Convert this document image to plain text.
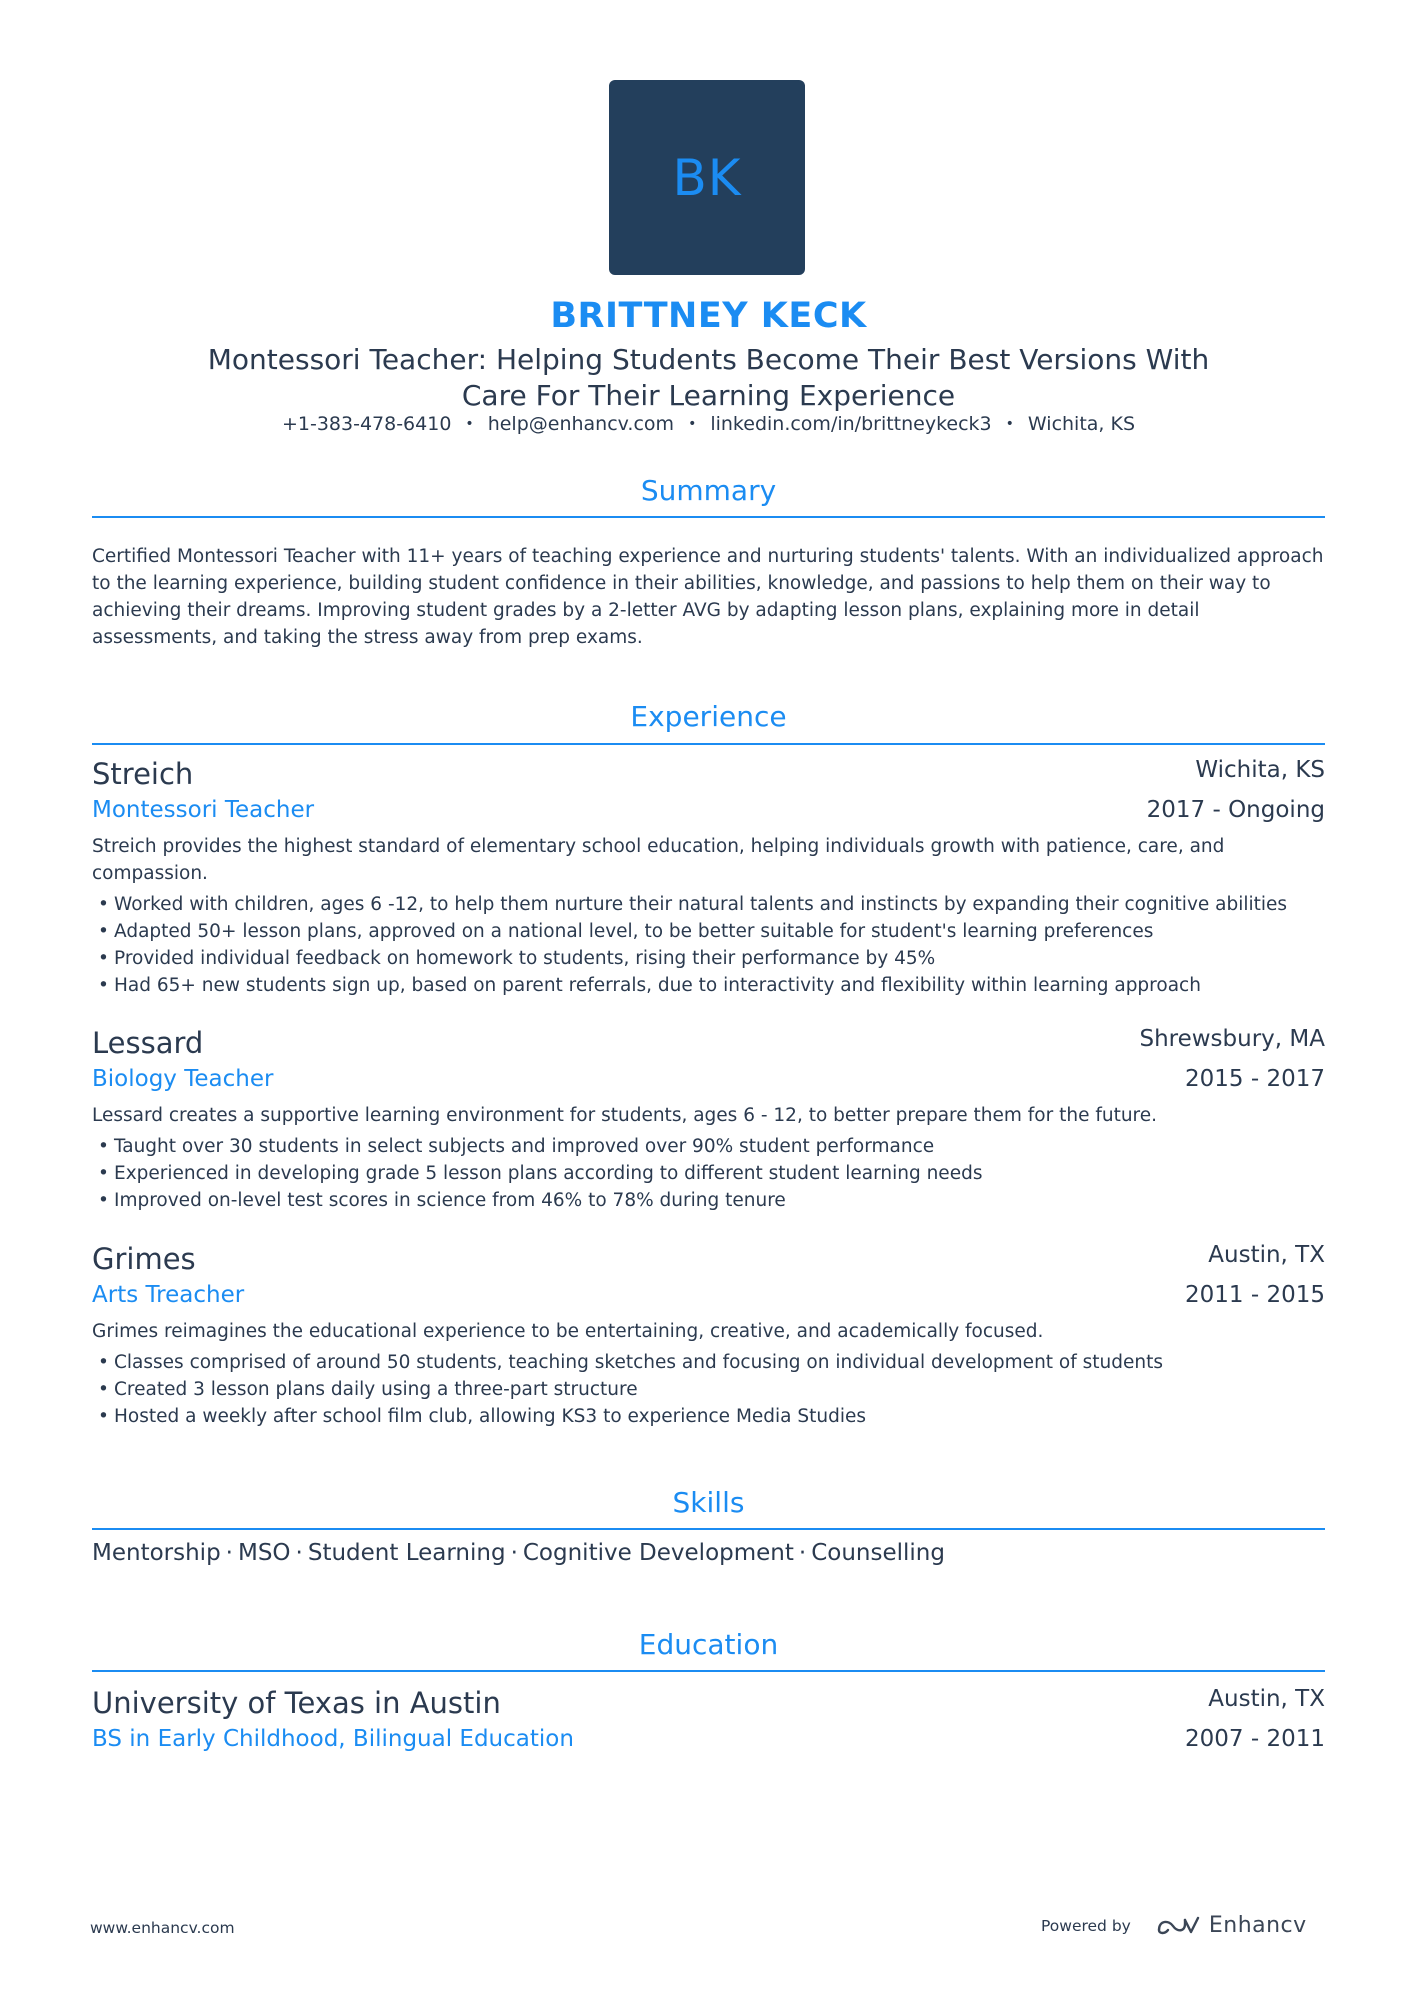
BK
BRITTNEY KECK
Montessori Teacher: Helping Students Become Their Best Versions With Care For Their Learning Experience
+1-383-478-6410 • help@enhancv.com • linkedin.com/in/brittneykeck3 • Wichita, KS
Summary
Certified Montessori Teacher with 11+ years of teaching experience and nurturing students' talents. With an individualized approach to the learning experience, building student confidence in their abilities, knowledge, and passions to help them on their way to achieving their dreams. Improving student grades by a 2-letter AVG by adapting lesson plans, explaining more in detail assessments, and taking the stress away from prep exams.
Experience
Streich	Wichita, KS
Montessori Teacher	2017 - Ongoing
Streich provides the highest standard of elementary school education, helping individuals growth with patience, care, and compassion.
• Worked with children, ages 6 -12, to help them nurture their natural talents and instincts by expanding their cognitive abilities
• Adapted 50+ lesson plans, approved on a national level, to be better suitable for student's learning preferences
• Provided individual feedback on homework to students, rising their performance by 45%
• Had 65+ new students sign up, based on parent referrals, due to interactivity and flexibility within learning approach
Lessard	Shrewsbury, MA
Biology Teacher	2015 - 2017
Lessard creates a supportive learning environment for students, ages 6 - 12, to better prepare them for the future.
• Taught over 30 students in select subjects and improved over 90% student performance
• Experienced in developing grade 5 lesson plans according to different student learning needs
• Improved on-level test scores in science from 46% to 78% during tenure
Grimes	Austin, TX
Arts Treacher	2011 - 2015
Grimes reimagines the educational experience to be entertaining, creative, and academically focused.
• Classes comprised of around 50 students, teaching sketches and focusing on individual development of students
• Created 3 lesson plans daily using a three-part structure
• Hosted a weekly after school film club, allowing KS3 to experience Media Studies
Skills
Mentorship · MSO · Student Learning · Cognitive Development · Counselling
Education
University of Texas in Austin	Austin, TX
BS in Early Childhood, Bilingual Education	2007 - 2011
www.enhancv.com	Powered by	Enhancv
